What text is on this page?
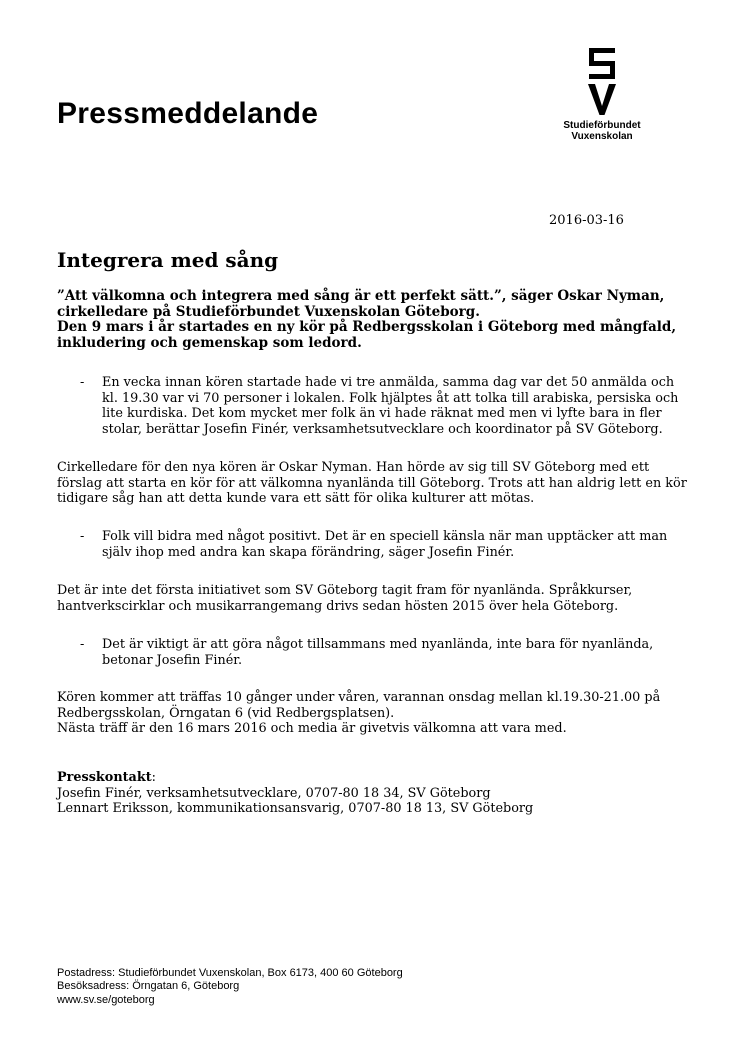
Pressmeddelande	Studieförbundet
Vuxenskolan
2016-03-16
Integrera med sång
”Att välkomna och integrera med sång är ett perfekt sätt.”, säger Oskar Nyman,
cirkelledare på Studieförbundet Vuxenskolan Göteborg.
Den 9 mars i år startades en ny kör på Redbergsskolan i Göteborg med mångfald,
inkludering och gemenskap som ledord.
-	En vecka innan kören startade hade vi tre anmälda, samma dag var det 50 anmälda och
kl. 19.30 var vi 70 personer i lokalen. Folk hjälptes åt att tolka till arabiska, persiska och
lite kurdiska. Det kom mycket mer folk än vi hade räknat med men vi lyfte bara in fler
stolar, berättar Josefin Finér, verksamhetsutvecklare och koordinator på SV Göteborg.
Cirkelledare för den nya kören är Oskar Nyman. Han hörde av sig till SV Göteborg med ett
förslag att starta en kör för att välkomna nyanlända till Göteborg. Trots att han aldrig lett en kör
tidigare såg han att detta kunde vara ett sätt för olika kulturer att mötas.
-	Folk vill bidra med något positivt. Det är en speciell känsla när man upptäcker att man
själv ihop med andra kan skapa förändring, säger Josefin Finér.
Det är inte det första initiativet som SV Göteborg tagit fram för nyanlända. Språkkurser,
hantverkscirklar och musikarrangemang drivs sedan hösten 2015 över hela Göteborg.
-	Det är viktigt är att göra något tillsammans med nyanlända, inte bara för nyanlända,
betonar Josefin Finér.
Kören kommer att träffas 10 gånger under våren, varannan onsdag mellan kl.19.30-21.00 på
Redbergsskolan, Örngatan 6 (vid Redbergsplatsen).
Nästa träff är den 16 mars 2016 och media är givetvis välkomna att vara med.
Presskontakt:
Josefin Finér, verksamhetsutvecklare, 0707-80 18 34, SV Göteborg
Lennart Eriksson, kommunikationsansvarig, 0707-80 18 13, SV Göteborg
Postadress: Studieförbundet Vuxenskolan, Box 6173, 400 60 Göteborg
Besöksadress: Örngatan 6, Göteborg
www.sv.se/goteborg
